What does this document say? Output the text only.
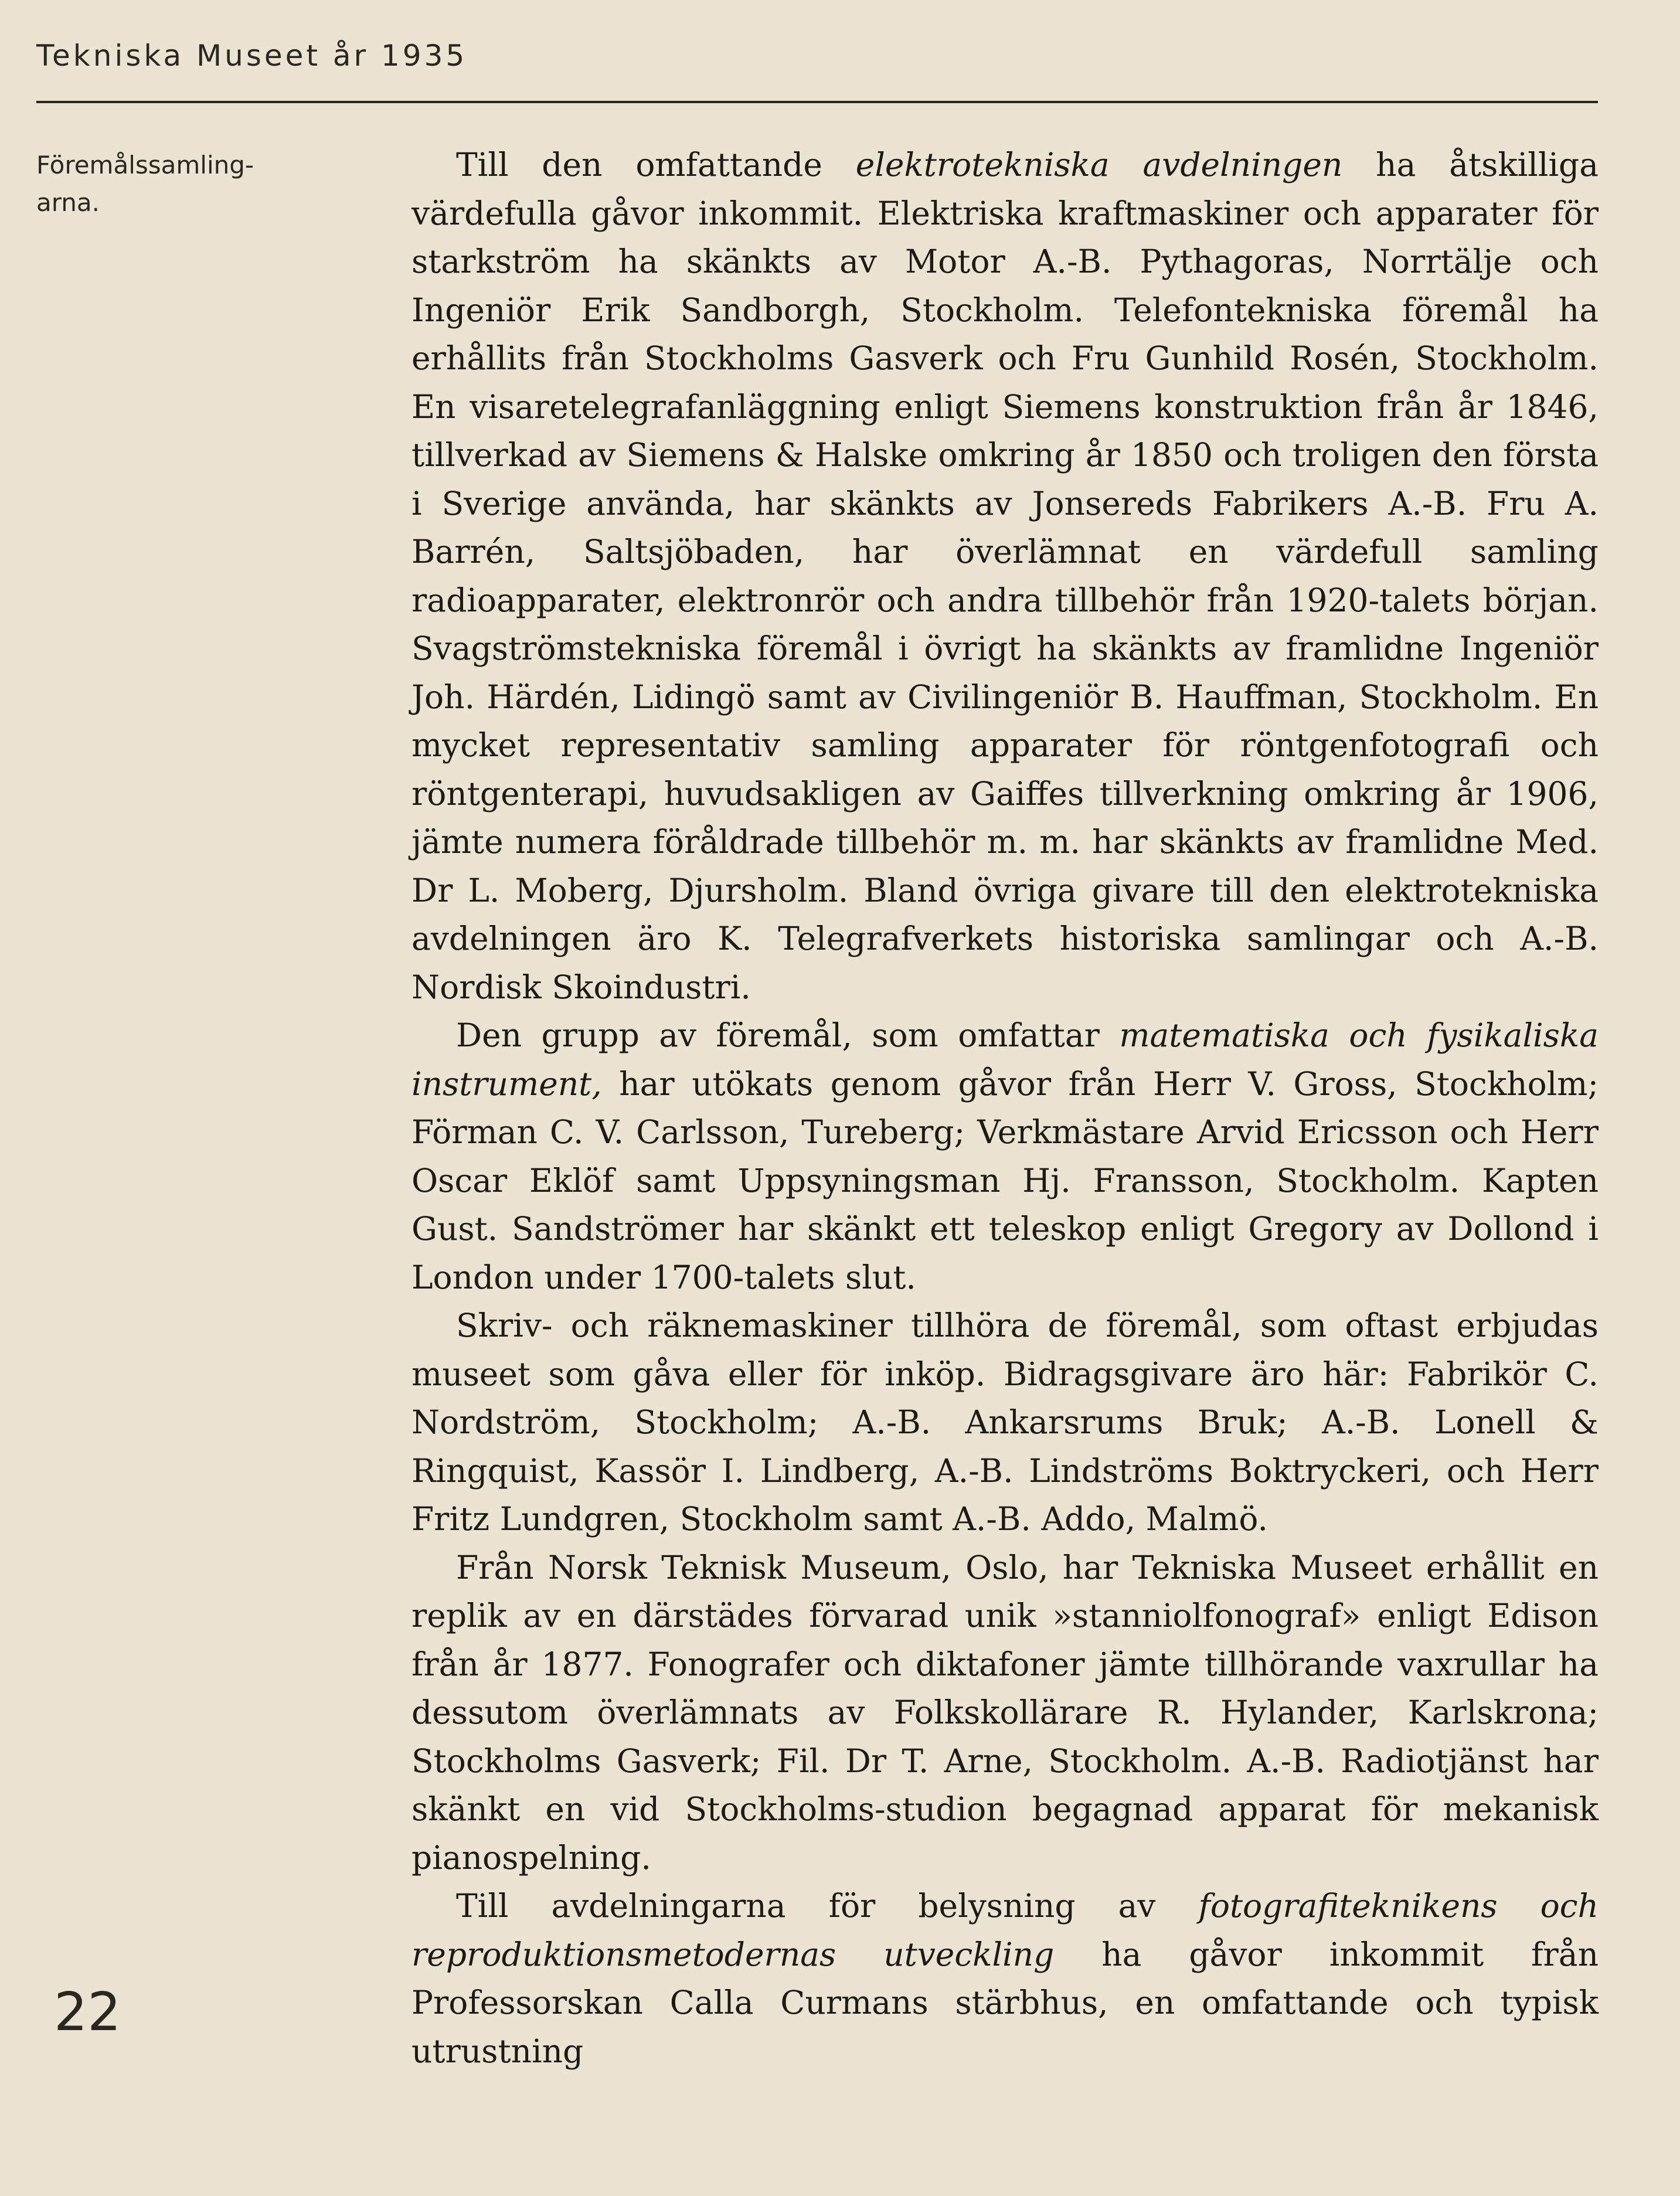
Tekniska Museet år 1935
Föremålssamling-
arna.
22

Till den omfattande elektrotekniska avdelningen ha åtskilliga värdefulla gåvor inkommit. Elektriska kraftmaskiner och apparater för starkström ha skänkts av Motor A.-B. Pythagoras, Norrtälje och Ingeniör Erik Sandborgh, Stockholm. Telefontekniska föremål ha erhållits från Stockholms Gasverk och Fru Gunhild Rosén, Stockholm. En visaretelegrafanläggning enligt Siemens konstruktion från år 1846, tillverkad av Siemens & Halske omkring år 1850 och troligen den första i Sverige använda, har skänkts av Jonsereds Fabrikers A.-B. Fru A. Barrén, Saltsjöbaden, har överlämnat en värdefull samling radioapparater, elektronrör och andra tillbehör från 1920-talets början. Svagströmstekniska föremål i övrigt ha skänkts av framlidne Ingeniör Joh. Härdén, Lidingö samt av Civilingeniör B. Hauffman, Stockholm. En mycket representativ samling apparater för röntgenfotografi och röntgenterapi, huvudsakligen av Gaiffes tillverkning omkring år 1906, jämte numera föråldrade tillbehör m. m. har skänkts av framlidne Med. Dr L. Moberg, Djursholm. Bland övriga givare till den elektrotekniska avdelningen äro K. Telegrafverkets historiska samlingar och A.-B. Nordisk Skoindustri.

Den grupp av föremål, som omfattar matematiska och fysikaliska instrument, har utökats genom gåvor från Herr V. Gross, Stockholm; Förman C. V. Carlsson, Tureberg; Verkmästare Arvid Ericsson och Herr Oscar Eklöf samt Uppsyningsman Hj. Fransson, Stockholm. Kapten Gust. Sandströmer har skänkt ett teleskop enligt Gregory av Dollond i London under 1700-talets slut.

Skriv- och räknemaskiner tillhöra de föremål, som oftast erbjudas museet som gåva eller för inköp. Bidragsgivare äro här: Fabrikör C. Nordström, Stockholm; A.-B. Ankarsrums Bruk; A.-B. Lonell & Ringquist, Kassör I. Lindberg, A.-B. Lindströms Boktryckeri, och Herr Fritz Lundgren, Stockholm samt A.-B. Addo, Malmö.

Från Norsk Teknisk Museum, Oslo, har Tekniska Museet erhållit en replik av en därstädes förvarad unik »stanniolfonograf» enligt Edison från år 1877. Fonografer och diktafoner jämte tillhörande vaxrullar ha dessutom överlämnats av Folkskollärare R. Hylander, Karlskrona; Stockholms Gasverk; Fil. Dr T. Arne, Stockholm. A.-B. Radiotjänst har skänkt en vid Stockholms-studion begagnad apparat för mekanisk pianospelning.

Till avdelningarna för belysning av fotografiteknikens och reproduktionsmetodernas utveckling ha gåvor inkommit från Professorskan Calla Curmans stärbhus, en omfattande och typisk utrustning
